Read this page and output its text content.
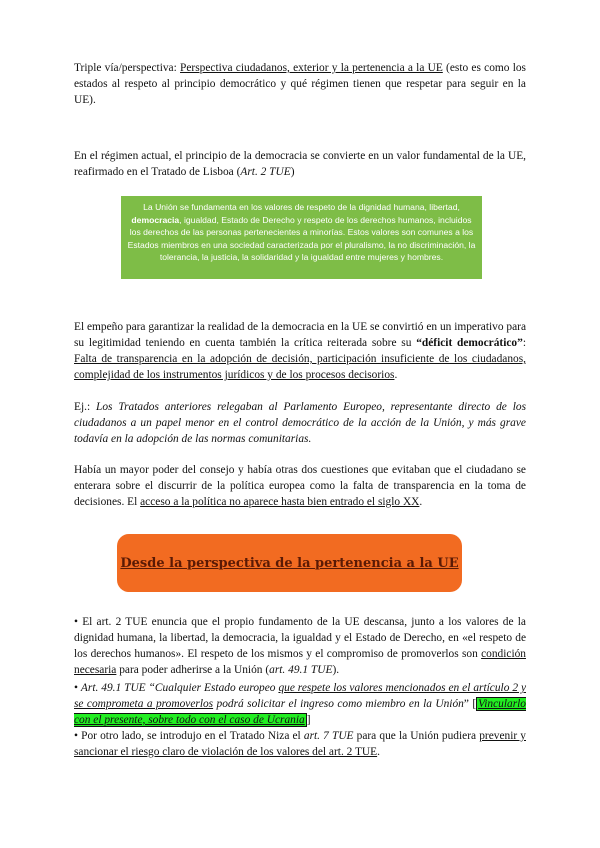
Triple vía/perspectiva: Perspectiva ciudadanos, exterior y la pertenencia a la UE (esto es como los estados al respeto al principio democrático y qué régimen tienen que respetar para seguir en la UE).

En el régimen actual, el principio de la democracia se convierte en un valor fundamental de la UE, reafirmado en el Tratado de Lisboa (Art. 2 TUE)

La Unión se fundamenta en los valores de respeto de la dignidad humana, libertad, democracia, igualdad, Estado de Derecho y respeto de los derechos humanos, incluidos los derechos de las personas pertenecientes a minorías. Estos valores son comunes a los Estados miembros en una sociedad caracterizada por el pluralismo, la no discriminación, la tolerancia, la justicia, la solidaridad y la igualdad entre mujeres y hombres.

El empeño para garantizar la realidad de la democracia en la UE se convirtió en un imperativo para su legitimidad teniendo en cuenta también la crítica reiterada sobre su “déficit democrático”: Falta de transparencia en la adopción de decisión, participación insuficiente de los ciudadanos, complejidad de los instrumentos jurídicos y de los procesos decisorios.

Ej.: Los Tratados anteriores relegaban al Parlamento Europeo, representante directo de los ciudadanos a un papel menor en el control democrático de la acción de la Unión, y más grave todavía en la adopción de las normas comunitarias.

Había un mayor poder del consejo y había otras dos cuestiones que evitaban que el ciudadano se enterara sobre el discurrir de la política europea como la falta de transparencia en la toma de decisiones. El acceso a la política no aparece hasta bien entrado el siglo XX.

Desde la perspectiva de la pertenencia a la UE

• El art. 2 TUE enuncia que el propio fundamento de la UE descansa, junto a los valores de la dignidad humana, la libertad, la democracia, la igualdad y el Estado de Derecho, en «el respeto de los derechos humanos». El respeto de los mismos y el compromiso de promoverlos son condición necesaria para poder adherirse a la Unión (art. 49.1 TUE).

• Art. 49.1 TUE “Cualquier Estado europeo que respete los valores mencionados en el artículo 2 y se comprometa a promoverlos podrá solicitar el ingreso como miembro en la Unión” [ Vincularlo con el presente, sobre todo con el caso de Ucrania ]

• Por otro lado, se introdujo en el Tratado Niza el art. 7 TUE para que la Unión pudiera prevenir y sancionar el riesgo claro de violación de los valores del art. 2 TUE.
